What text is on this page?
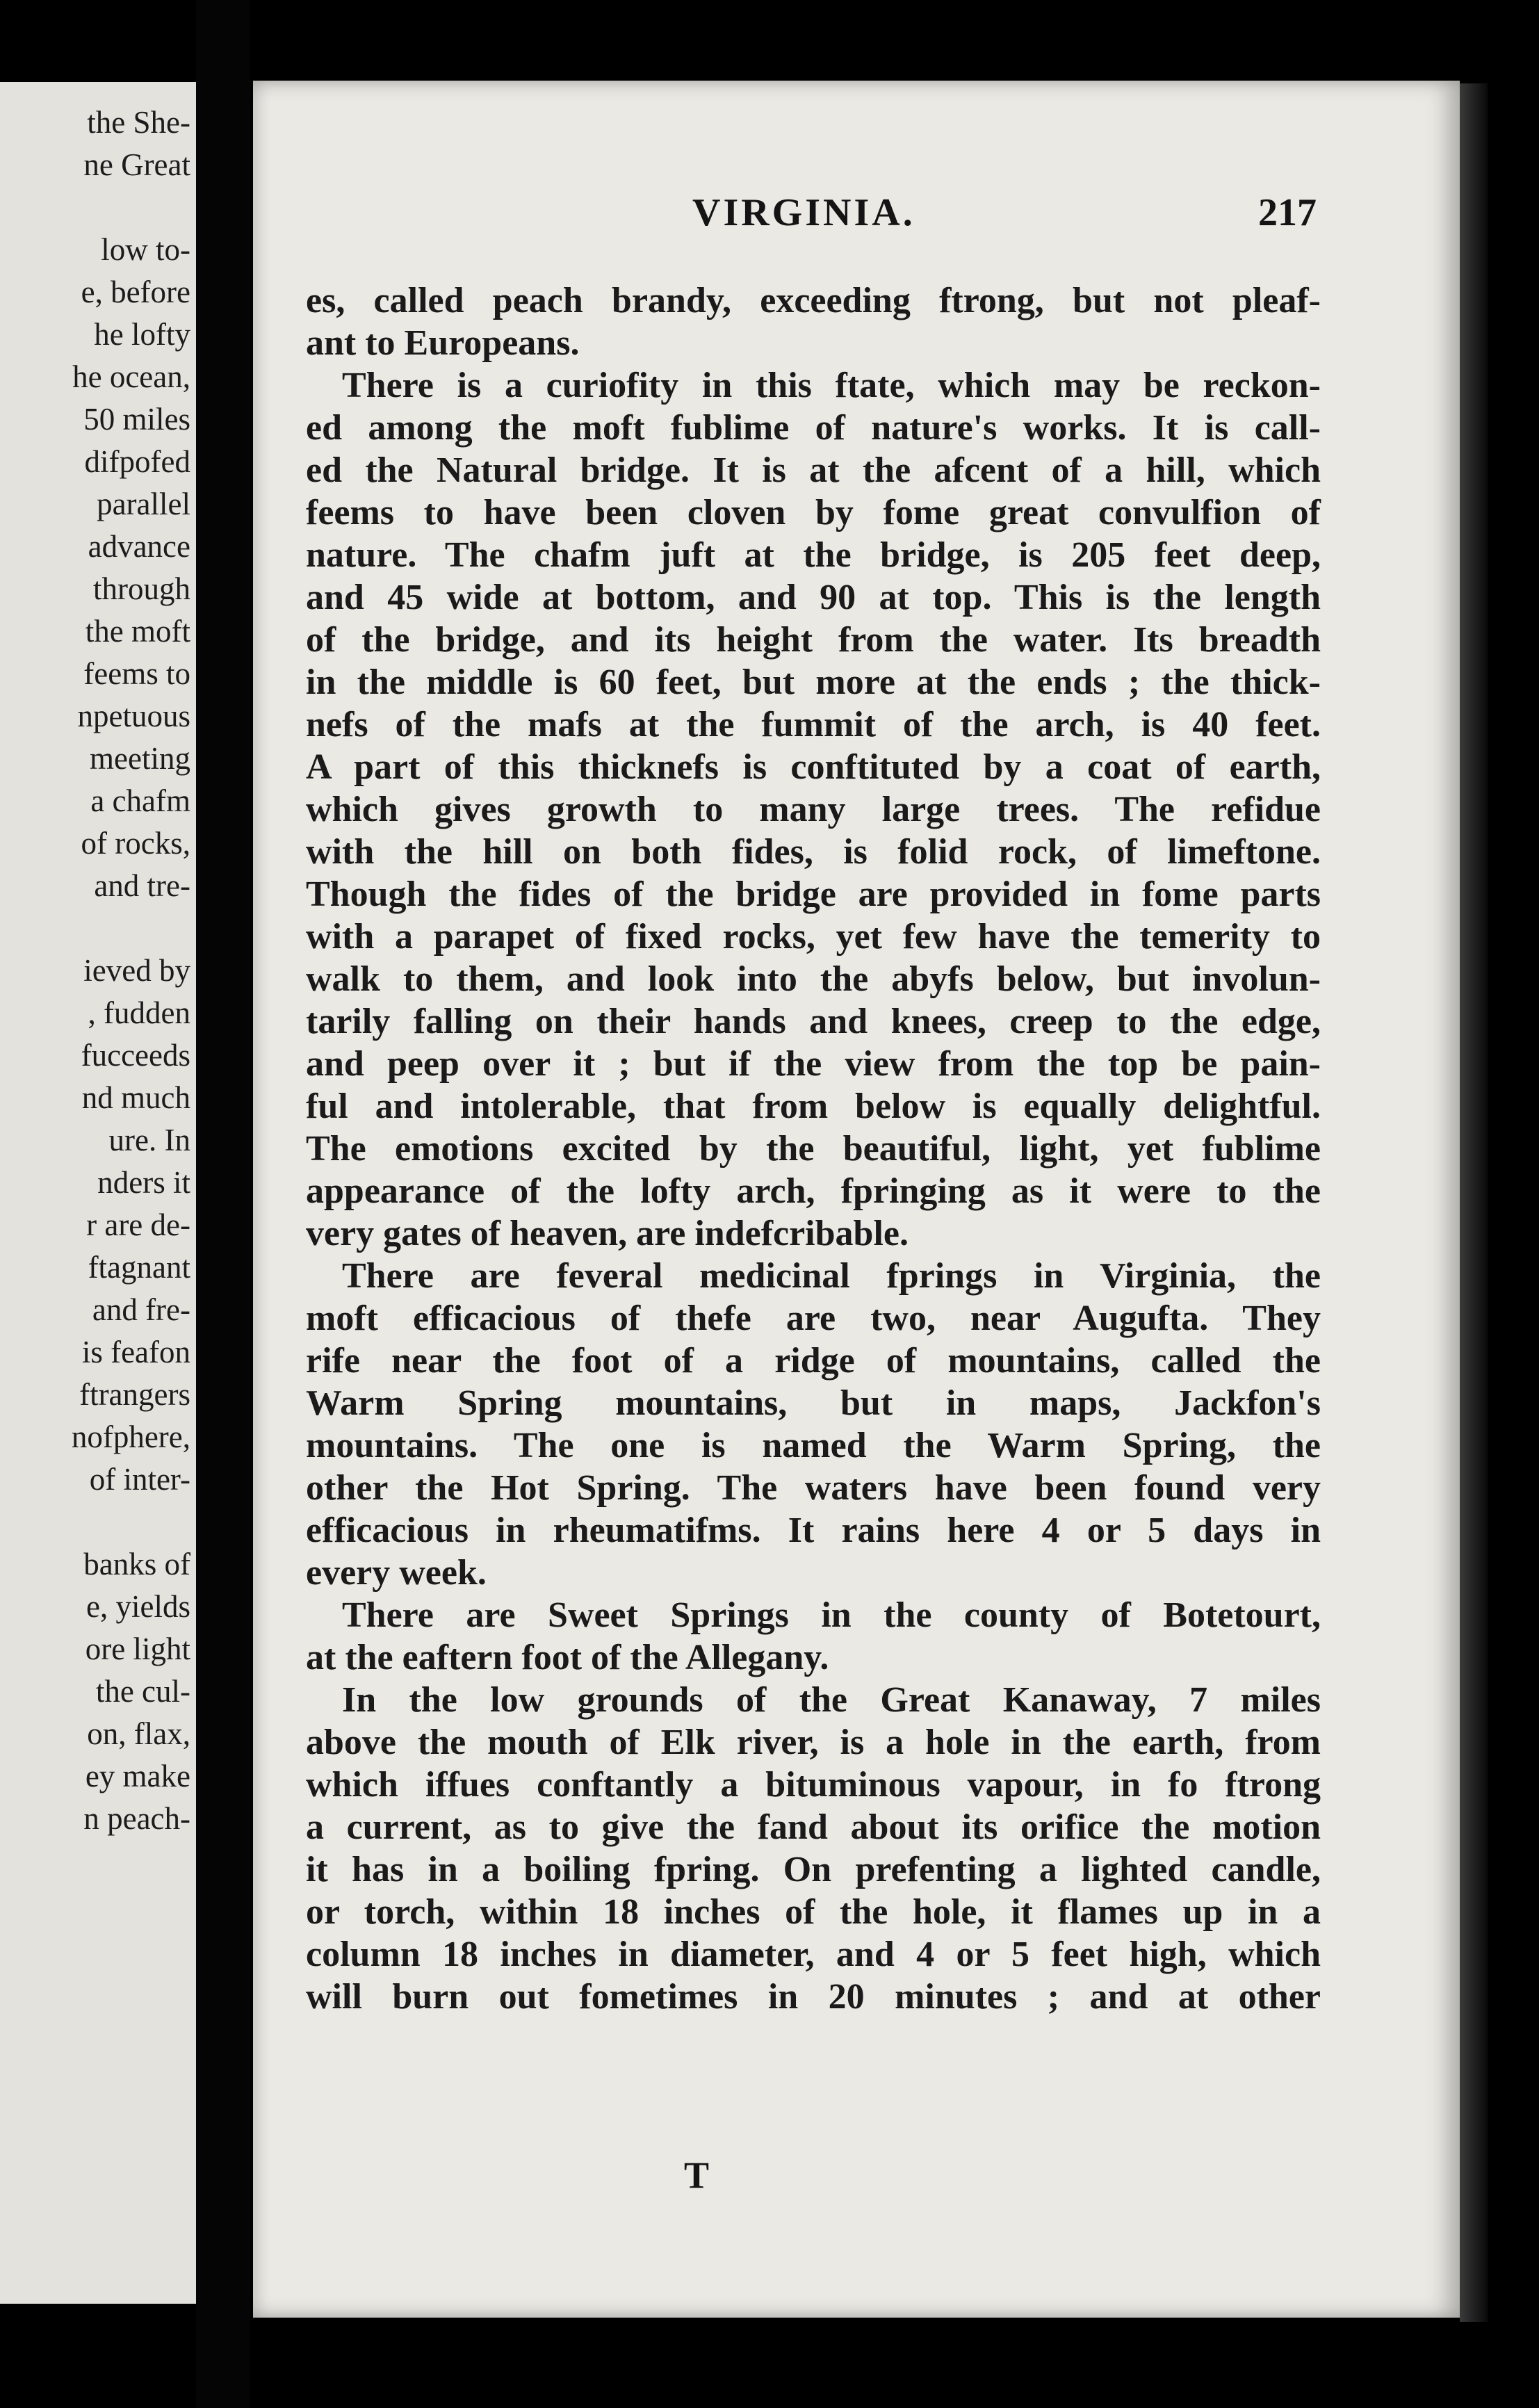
the She-
ne Great
low to-
e, before
he lofty
he ocean,
50 miles
difpofed
parallel
advance
through
the moft
feems to
npetuous
meeting
a chafm
of rocks,
and tre-
ieved by
, fudden
fucceeds
nd much
ure. In
nders it
r are de-
ftagnant
and fre-
is feafon
ftrangers
nofphere,
of inter-
banks of
e, yields
ore light
the cul-
on, flax,
ey make
n peach-
VIRGINIA.	217
es, called peach brandy, exceeding ftrong, but not pleaf-
ant to Europeans.
There is a curiofity in this ftate, which may be reckon-
ed among the moft fublime of nature's works. It is call-
ed the Natural bridge. It is at the afcent of a hill, which
feems to have been cloven by fome great convulfion of
nature. The chafm juft at the bridge, is 205 feet deep,
and 45 wide at bottom, and 90 at top. This is the length
of the bridge, and its height from the water. Its breadth
in the middle is 60 feet, but more at the ends ; the thick-
nefs of the mafs at the fummit of the arch, is 40 feet.
A part of this thicknefs is conftituted by a coat of earth,
which gives growth to many large trees. The refidue
with the hill on both fides, is folid rock, of limeftone.
Though the fides of the bridge are provided in fome parts
with a parapet of fixed rocks, yet few have the temerity to
walk to them, and look into the abyfs below, but involun-
tarily falling on their hands and knees, creep to the edge,
and peep over it ; but if the view from the top be pain-
ful and intolerable, that from below is equally delightful.
The emotions excited by the beautiful, light, yet fublime
appearance of the lofty arch, fpringing as it were to the
very gates of heaven, are indefcribable.
There are feveral medicinal fprings in Virginia, the
moft efficacious of thefe are two, near Augufta. They
rife near the foot of a ridge of mountains, called the
Warm Spring mountains, but in maps, Jackfon's
mountains. The one is named the Warm Spring, the
other the Hot Spring. The waters have been found very
efficacious in rheumatifms. It rains here 4 or 5 days in
every week.
There are Sweet Springs in the county of Botetourt,
at the eaftern foot of the Allegany.
In the low grounds of the Great Kanaway, 7 miles
above the mouth of Elk river, is a hole in the earth, from
which iffues conftantly a bituminous vapour, in fo ftrong
a current, as to give the fand about its orifice the motion
it has in a boiling fpring. On prefenting a lighted candle,
or torch, within 18 inches of the hole, it flames up in a
column 18 inches in diameter, and 4 or 5 feet high, which
will burn out fometimes in 20 minutes ; and at other
T
